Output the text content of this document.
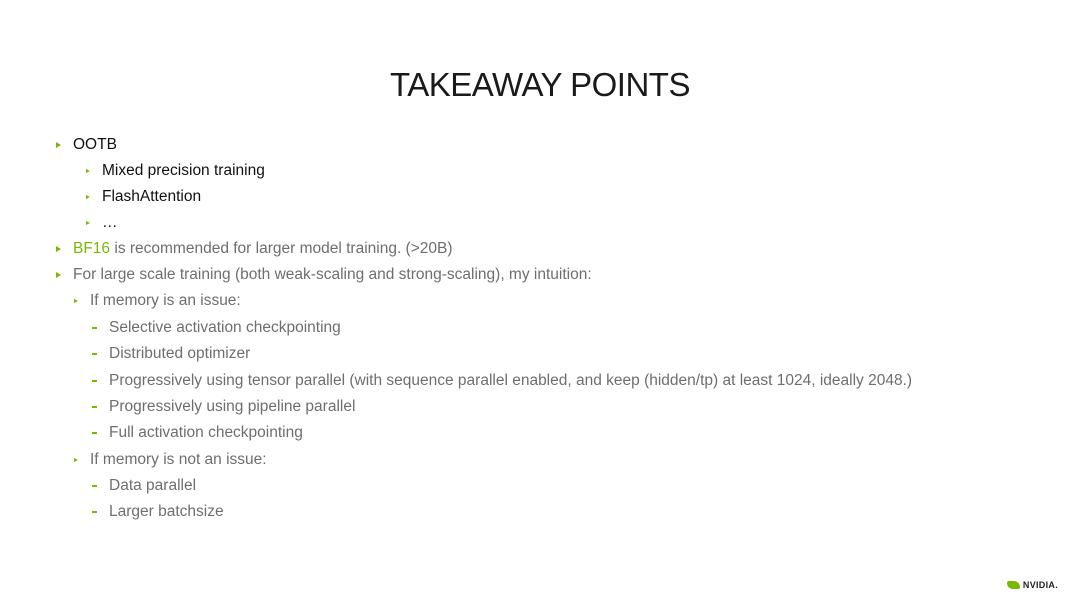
TAKEAWAY POINTS
OOTB
Mixed precision training
FlashAttention
…
BF16 is recommended for larger model training. (>20B)
For large scale training (both weak-scaling and strong-scaling), my intuition:
If memory is an issue:
Selective activation checkpointing
Distributed optimizer
Progressively using tensor parallel (with sequence parallel enabled, and keep (hidden/tp) at least 1024, ideally 2048.)
Progressively using pipeline parallel
Full activation checkpointing
If memory is not an issue:
Data parallel
Larger batchsize
NVIDIA.
